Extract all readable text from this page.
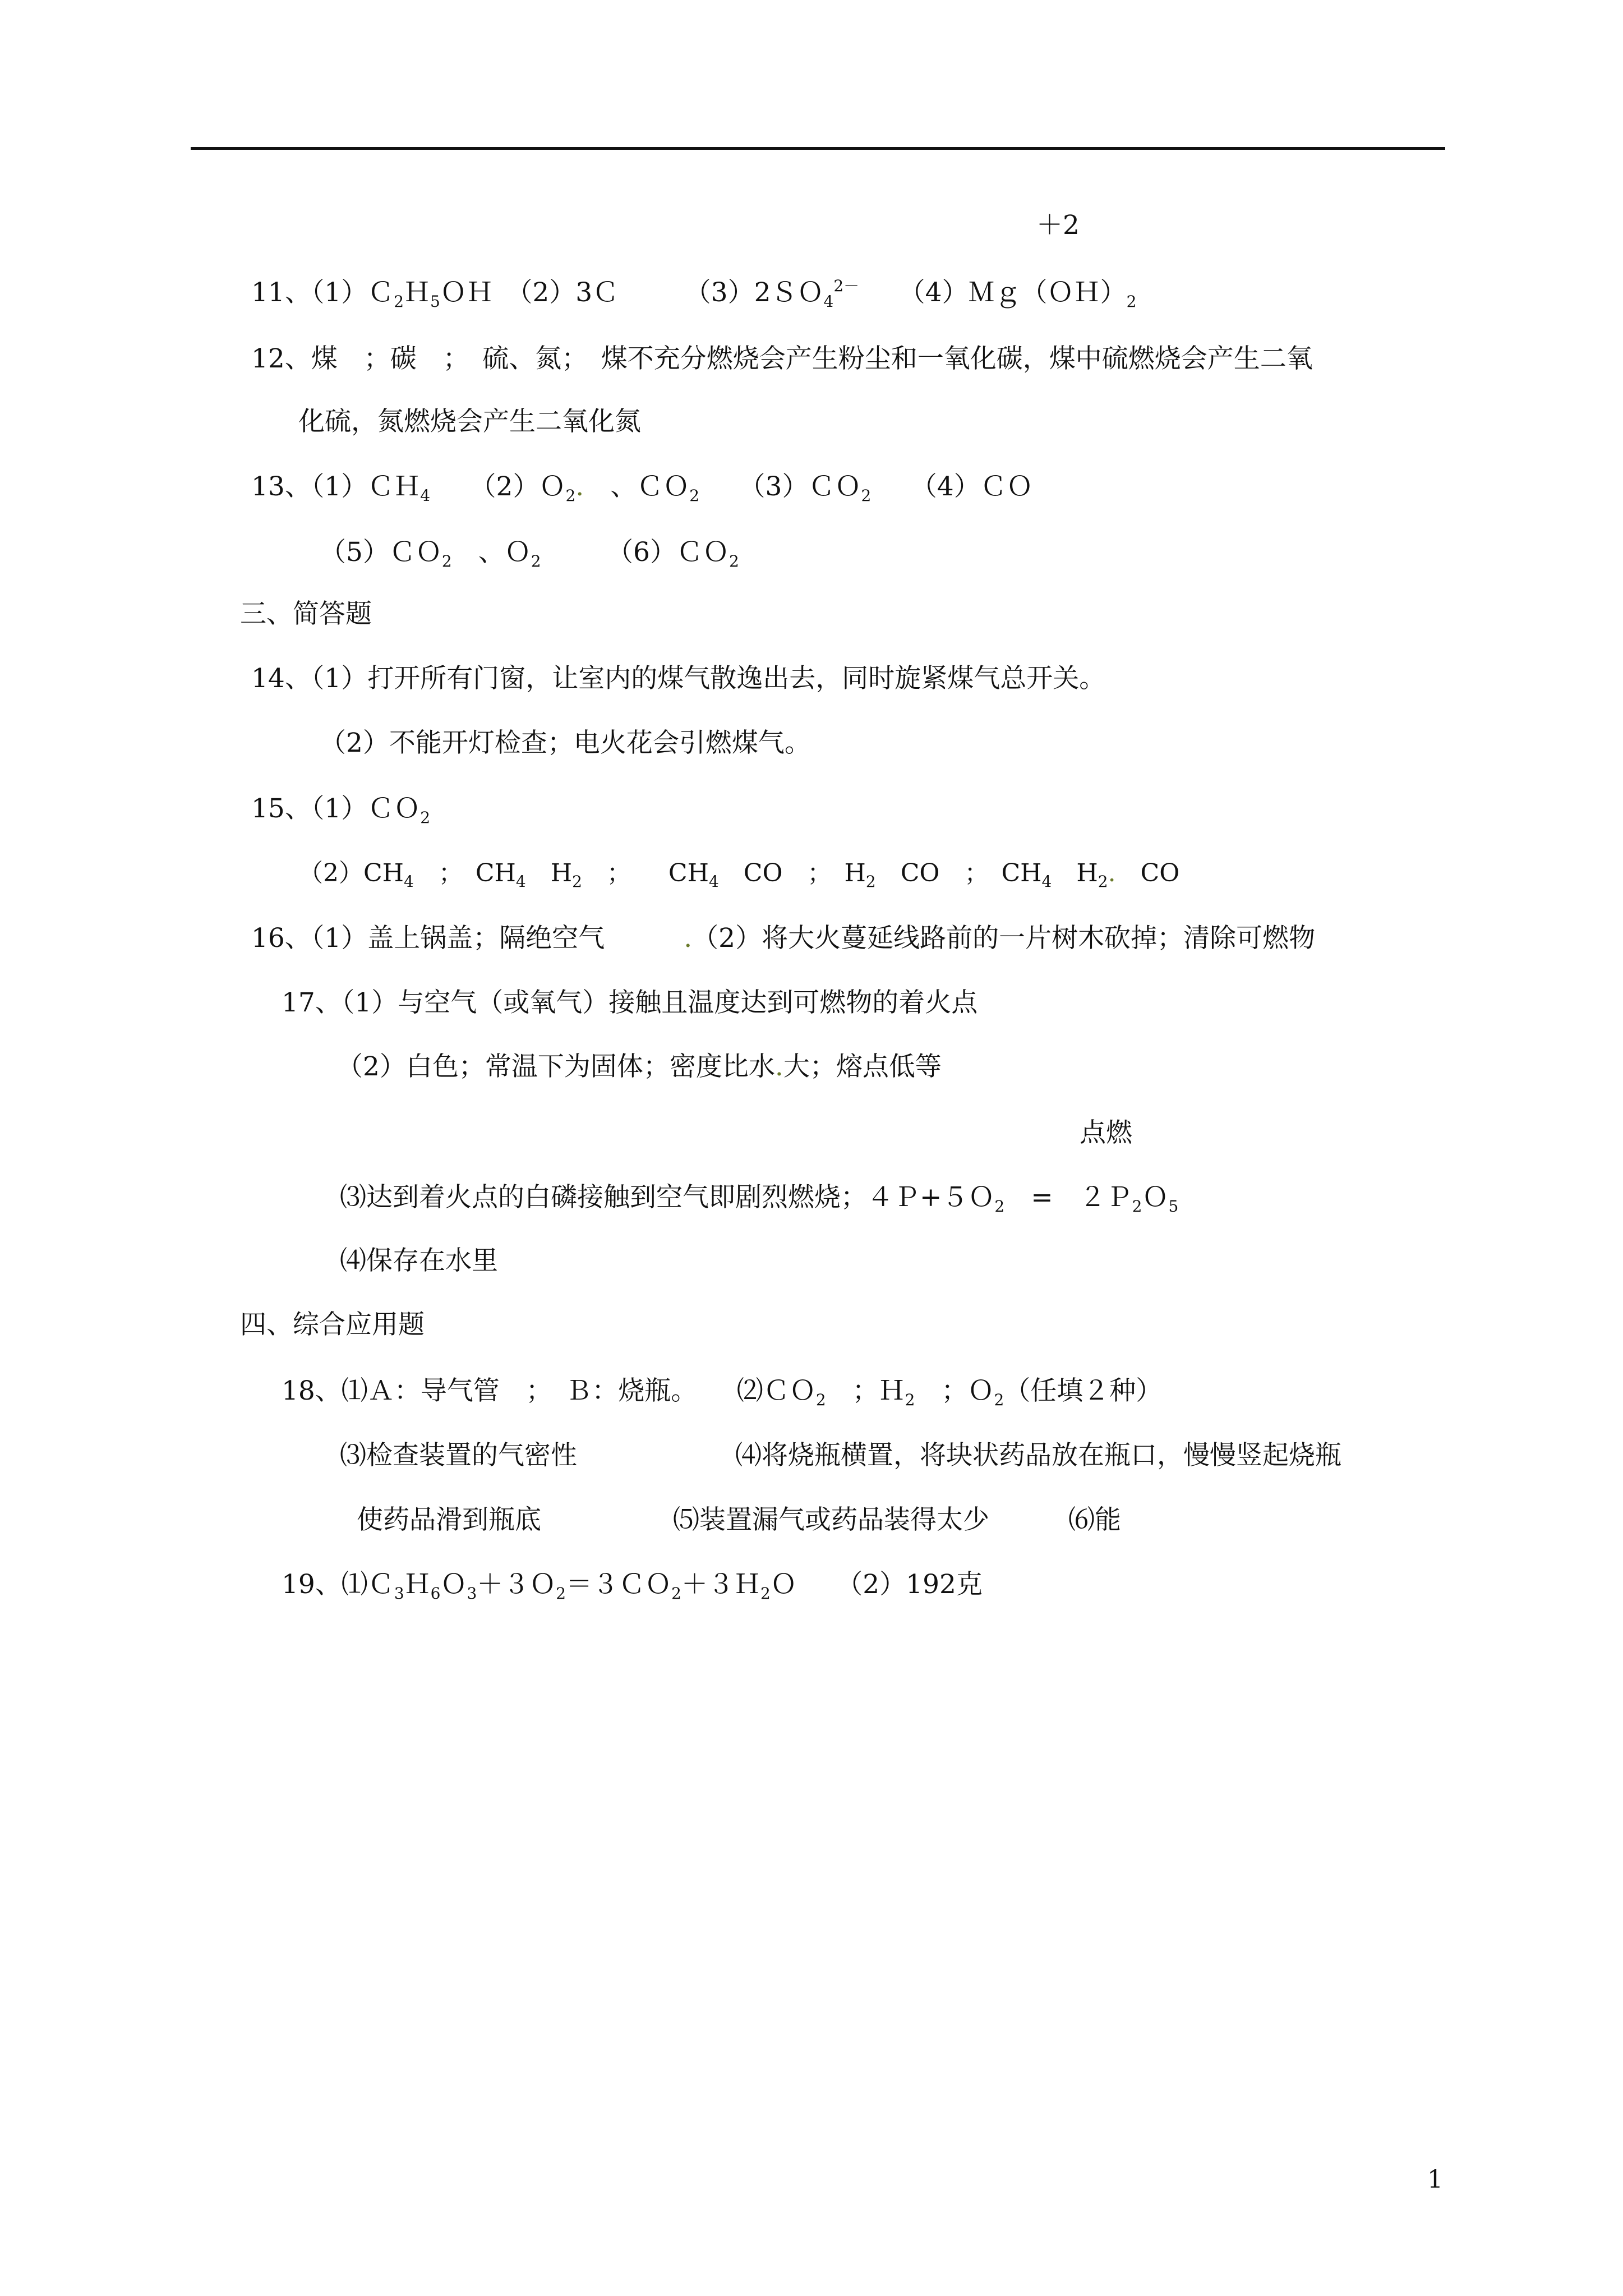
＋2
11、（1）Ｃ$_2$Ｈ$_5$ＯＨ　（2）3Ｃ　　　（3）2ＳＯ$_4^{2-}$　　$(4)Mg(OH)_2$
12、煤　；碳　；　硫、氮；　煤不充分燃烧会产生粉尘和一氧化碳，煤中硫燃烧会产生二氧
化硫，氮燃烧会产生二氧化氮
13、（1）ＣＨ$_4$　　（2）Ｏ$_2$.　、ＣＯ$_2$　　（3）ＣＯ$_2$　　（4）ＣＯ
（5）ＣＯ$_2$　、Ｏ$_2$　　　（6）ＣＯ$_2$
三、简答题
14、（1）打开所有门窗，让室内的煤气散逸出去，同时旋紧煤气总开关。
（2）不能开灯检查；电火花会引燃煤气。
15、（1）ＣＯ$_2$
$(2)CH_4$　；　$CH_4$　$H_2$　；　　$CH_4$　CO　；　$H_2$　CO　；　$CH_4$　$H_2$.　CO
16、（1）盖上锅盖；隔绝空气　　　.（2）将大火蔓延线路前的一片树木砍掉；清除可燃物
17、（1）与空气（或氧气）接触且温度达到可燃物的着火点
（2）白色；常温下为固体；密度比水.大；熔点低等
点燃
⑶达到着火点的白磷接触到空气即剧烈燃烧；４Ｐ+５Ｏ$_2$　=　２Ｐ$_2$Ｏ$_5$
⑷保存在水里
四、综合应用题
18、⑴Ａ：导气管　；　Ｂ：烧瓶。　　⑵ＣＯ$_2$　；Ｈ$_2$　；Ｏ$_2$（任填２种）
⑶检查装置的气密性　　　　　　⑷将烧瓶横置，将块状药品放在瓶口，慢慢竖起烧瓶
使药品滑到瓶底　　　　　⑸装置漏气或药品装得太少　　　⑹能
19、⑴Ｃ$_3$Ｈ$_6$Ｏ$_3$＋３Ｏ$_2$＝３ＣＯ$_2$＋３Ｈ$_2$Ｏ　　（2）192克
1
